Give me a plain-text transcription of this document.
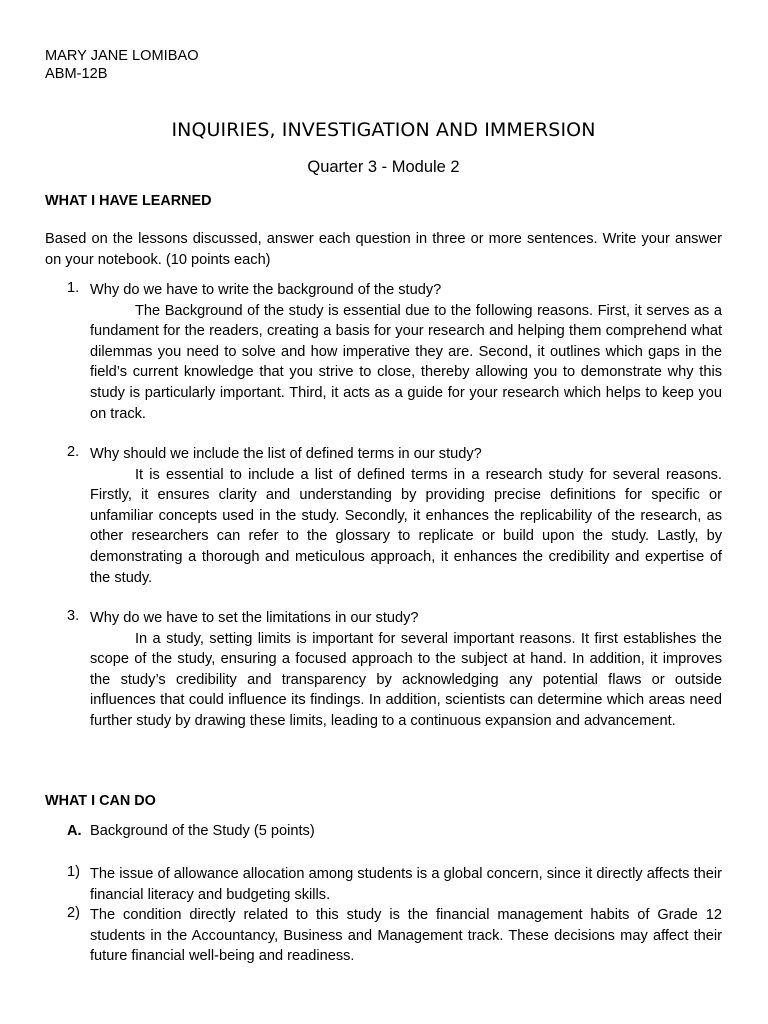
MARY JANE LOMIBAO
ABM-12B
INQUIRIES, INVESTIGATION AND IMMERSION
Quarter 3 - Module 2
WHAT I HAVE LEARNED
Based on the lessons discussed, answer each question in three or more sentences. Write your answer on your notebook. (10 points each)
1. Why do we have to write the background of the study?
The Background of the study is essential due to the following reasons. First, it serves as a fundament for the readers, creating a basis for your research and helping them comprehend what dilemmas you need to solve and how imperative they are. Second, it outlines which gaps in the field’s current knowledge that you strive to close, thereby allowing you to demonstrate why this study is particularly important. Third, it acts as a guide for your research which helps to keep you on track.
2. Why should we include the list of defined terms in our study?
It is essential to include a list of defined terms in a research study for several reasons. Firstly, it ensures clarity and understanding by providing precise definitions for specific or unfamiliar concepts used in the study. Secondly, it enhances the replicability of the research, as other researchers can refer to the glossary to replicate or build upon the study. Lastly, by demonstrating a thorough and meticulous approach, it enhances the credibility and expertise of the study.
3. Why do we have to set the limitations in our study?
In a study, setting limits is important for several important reasons. It first establishes the scope of the study, ensuring a focused approach to the subject at hand. In addition, it improves the study’s credibility and transparency by acknowledging any potential flaws or outside influences that could influence its findings. In addition, scientists can determine which areas need further study by drawing these limits, leading to a continuous expansion and advancement.
WHAT I CAN DO
A. Background of the Study (5 points)
1) The issue of allowance allocation among students is a global concern, since it directly affects their financial literacy and budgeting skills.
2) The condition directly related to this study is the financial management habits of Grade 12 students in the Accountancy, Business and Management track. These decisions may affect their future financial well-being and readiness.
